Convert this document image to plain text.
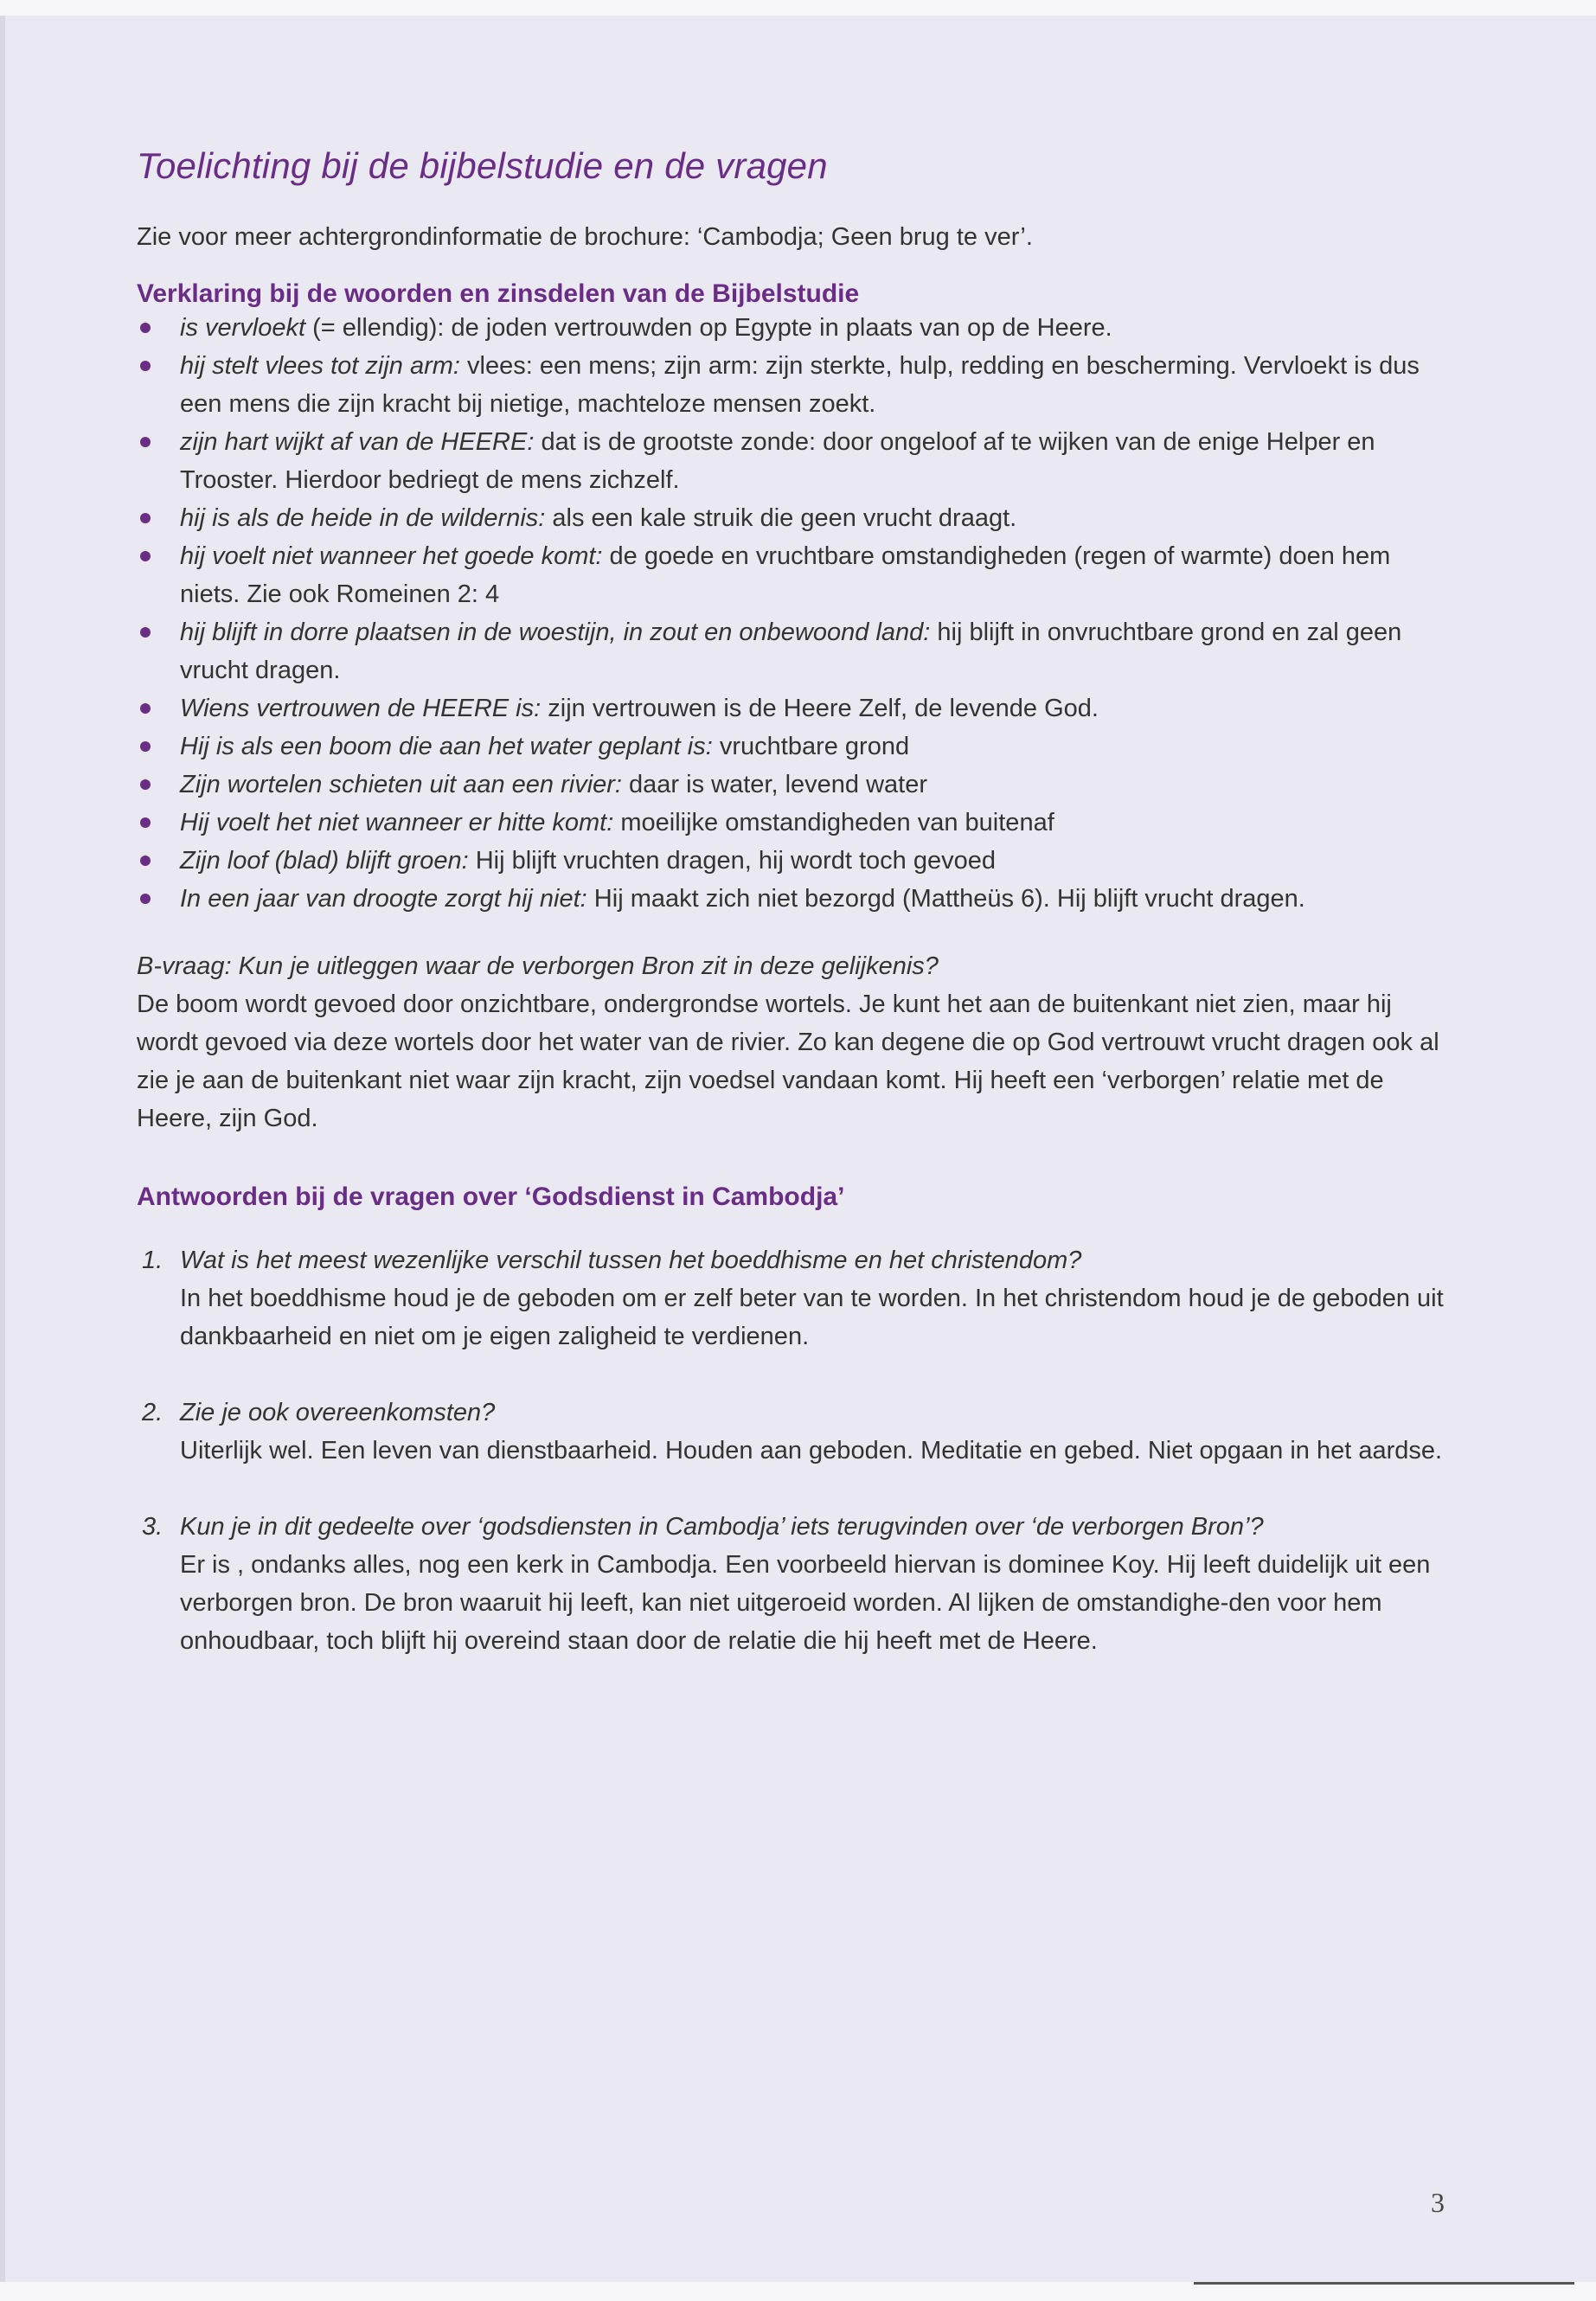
Toelichting bij de bijbelstudie en de vragen

Zie voor meer achtergrondinformatie de brochure: ‘Cambodja; Geen brug te ver’.

Verklaring bij de woorden en zinsdelen van de Bijbelstudie
is vervloekt (= ellendig): de joden vertrouwden op Egypte in plaats van op de Heere.
hij stelt vlees tot zijn arm: vlees: een mens; zijn arm: zijn sterkte, hulp, redding en bescherming. Vervloekt is dus een mens die zijn kracht bij nietige, machteloze mensen zoekt.
zijn hart wijkt af van de HEERE: dat is de grootste zonde: door ongeloof af te wijken van de enige Helper en Trooster. Hierdoor bedriegt de mens zichzelf.
hij is als de heide in de wildernis: als een kale struik die geen vrucht draagt.
hij voelt niet wanneer het goede komt: de goede en vruchtbare omstandigheden (regen of warmte) doen hem niets. Zie ook Romeinen 2: 4
hij blijft in dorre plaatsen in de woestijn, in zout en onbewoond land: hij blijft in onvruchtbare grond en zal geen vrucht dragen.
Wiens vertrouwen de HEERE is: zijn vertrouwen is de Heere Zelf, de levende God.
Hij is als een boom die aan het water geplant is: vruchtbare grond
Zijn wortelen schieten uit aan een rivier: daar is water, levend water
Hij voelt het niet wanneer er hitte komt: moeilijke omstandigheden van buitenaf
Zijn loof (blad) blijft groen: Hij blijft vruchten dragen, hij wordt toch gevoed
In een jaar van droogte zorgt hij niet: Hij maakt zich niet bezorgd (Mattheüs 6). Hij blijft vrucht dragen.
B-vraag: Kun je uitleggen waar de verborgen Bron zit in deze gelijkenis?
De boom wordt gevoed door onzichtbare, ondergrondse wortels. Je kunt het aan de buitenkant niet zien, maar hij wordt gevoed via deze wortels door het water van de rivier. Zo kan degene die op God vertrouwt vrucht dragen ook al zie je aan de buitenkant niet waar zijn kracht, zijn voedsel vandaan komt. Hij heeft een ‘verborgen’ relatie met de Heere, zijn God.
Antwoorden bij de vragen over ‘Godsdienst in Cambodja’
1. Wat is het meest wezenlijke verschil tussen het boeddhisme en het christendom?
In het boeddhisme houd je de geboden om er zelf beter van te worden. In het christendom houd je de geboden uit dankbaarheid en niet om je eigen zaligheid te verdienen.
2. Zie je ook overeenkomsten?
Uiterlijk wel. Een leven van dienstbaarheid. Houden aan geboden. Meditatie en gebed. Niet opgaan in het aardse.
3. Kun je in dit gedeelte over ‘godsdiensten in Cambodja’ iets terugvinden over ‘de verborgen Bron’?
Er is , ondanks alles, nog een kerk in Cambodja. Een voorbeeld hiervan is dominee Koy. Hij leeft duidelijk uit een verborgen bron. De bron waaruit hij leeft, kan niet uitgeroeid worden. Al lijken de omstandighe-den voor hem onhoudbaar, toch blijft hij overeind staan door de relatie die hij heeft met de Heere.
3
